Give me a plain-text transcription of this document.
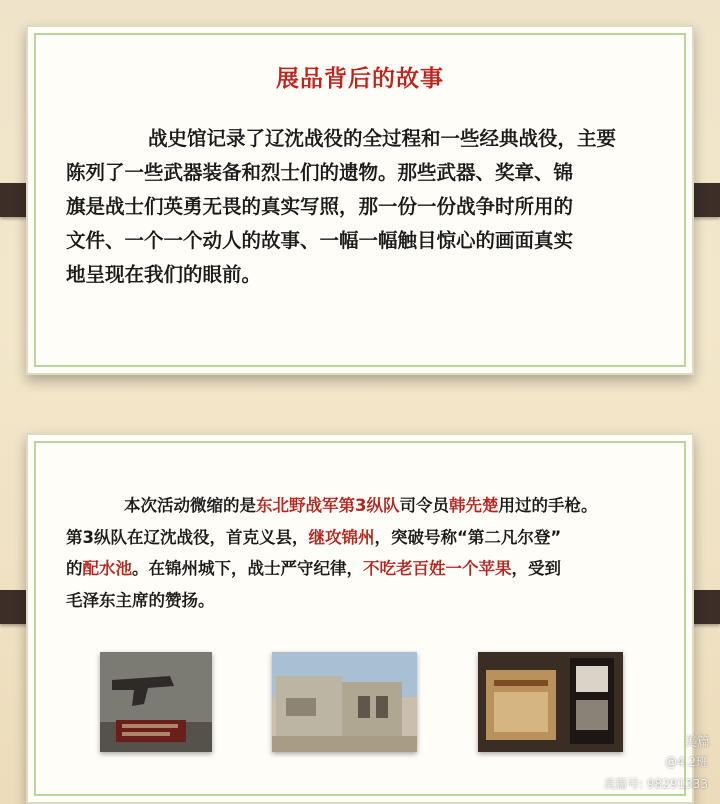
展品背后的故事
战史馆记录了辽沈战役的全过程和一些经典战役，主要
陈列了一些武器装备和烈士们的遗物。那些武器、奖章、锦
旗是战士们英勇无畏的真实写照，那一份一份战争时所用的
文件、一个一个动人的故事、一幅一幅触目惊心的画面真实
地呈现在我们的眼前。
本次活动微缩的是东北野战军第3纵队司令员韩先楚用过的手枪。
第3纵队在辽沈战役，首克义县，继攻锦州，突破号称“第二凡尔登”
的配水池。在锦州城下，战士严守纪律，不吃老百姓一个苹果，受到
毛泽东主席的赞扬。
美篇
@4.2班
美篇号: 98291333
